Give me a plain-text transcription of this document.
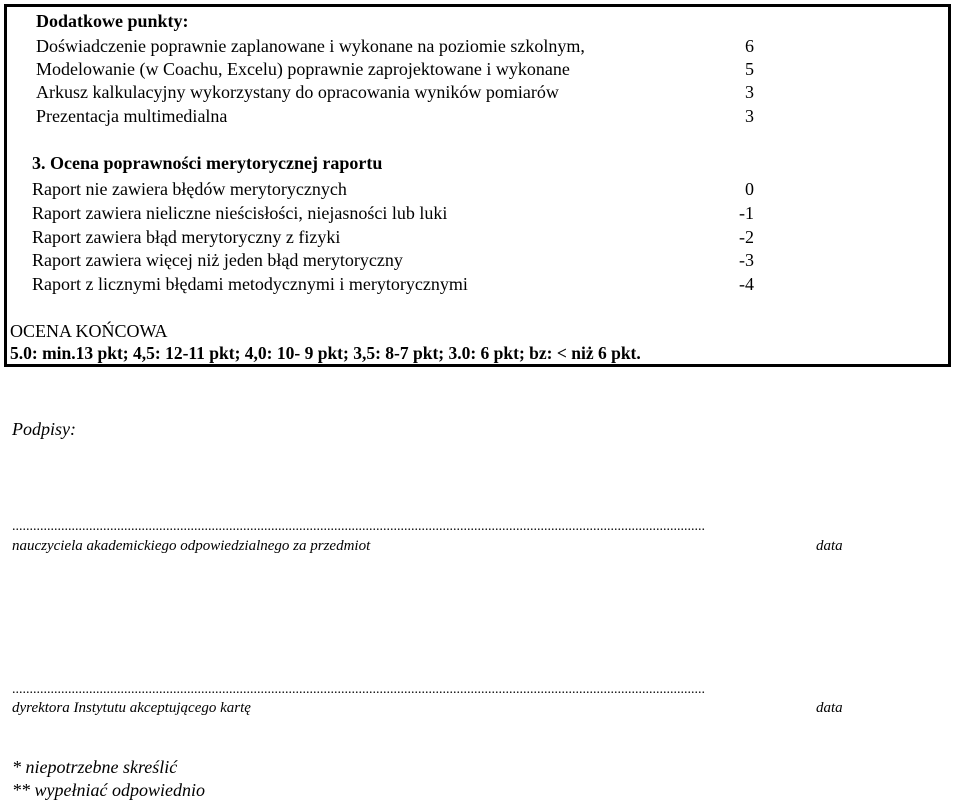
Dodatkowe punkty:
Doświadczenie poprawnie zaplanowane i wykonane na poziomie szkolnym,	6
Modelowanie (w Coachu, Excelu) poprawnie zaprojektowane i wykonane	5
Arkusz kalkulacyjny wykorzystany do opracowania wyników pomiarów	3
Prezentacja multimedialna	3
3. Ocena poprawności merytorycznej raportu
Raport nie zawiera błędów merytorycznych	0
Raport zawiera nieliczne nieścisłości, niejasności lub luki	-1
Raport zawiera błąd merytoryczny z fizyki	-2
Raport zawiera więcej niż jeden błąd merytoryczny	-3
Raport z licznymi błędami metodycznymi i merytorycznymi	-4
OCENA KOŃCOWA
5.0: min.13 pkt; 4,5: 12-11 pkt; 4,0: 10- 9 pkt; 3,5: 8-7 pkt; 3.0: 6 pkt; bz: < niż 6 pkt.
Podpisy:
......................................................................................................................................................................................................
nauczyciela akademickiego odpowiedzialnego za przedmiot	data
......................................................................................................................................................................................................
dyrektora Instytutu akceptującego kartę	data
* niepotrzebne skreślić
** wypełniać odpowiednio
